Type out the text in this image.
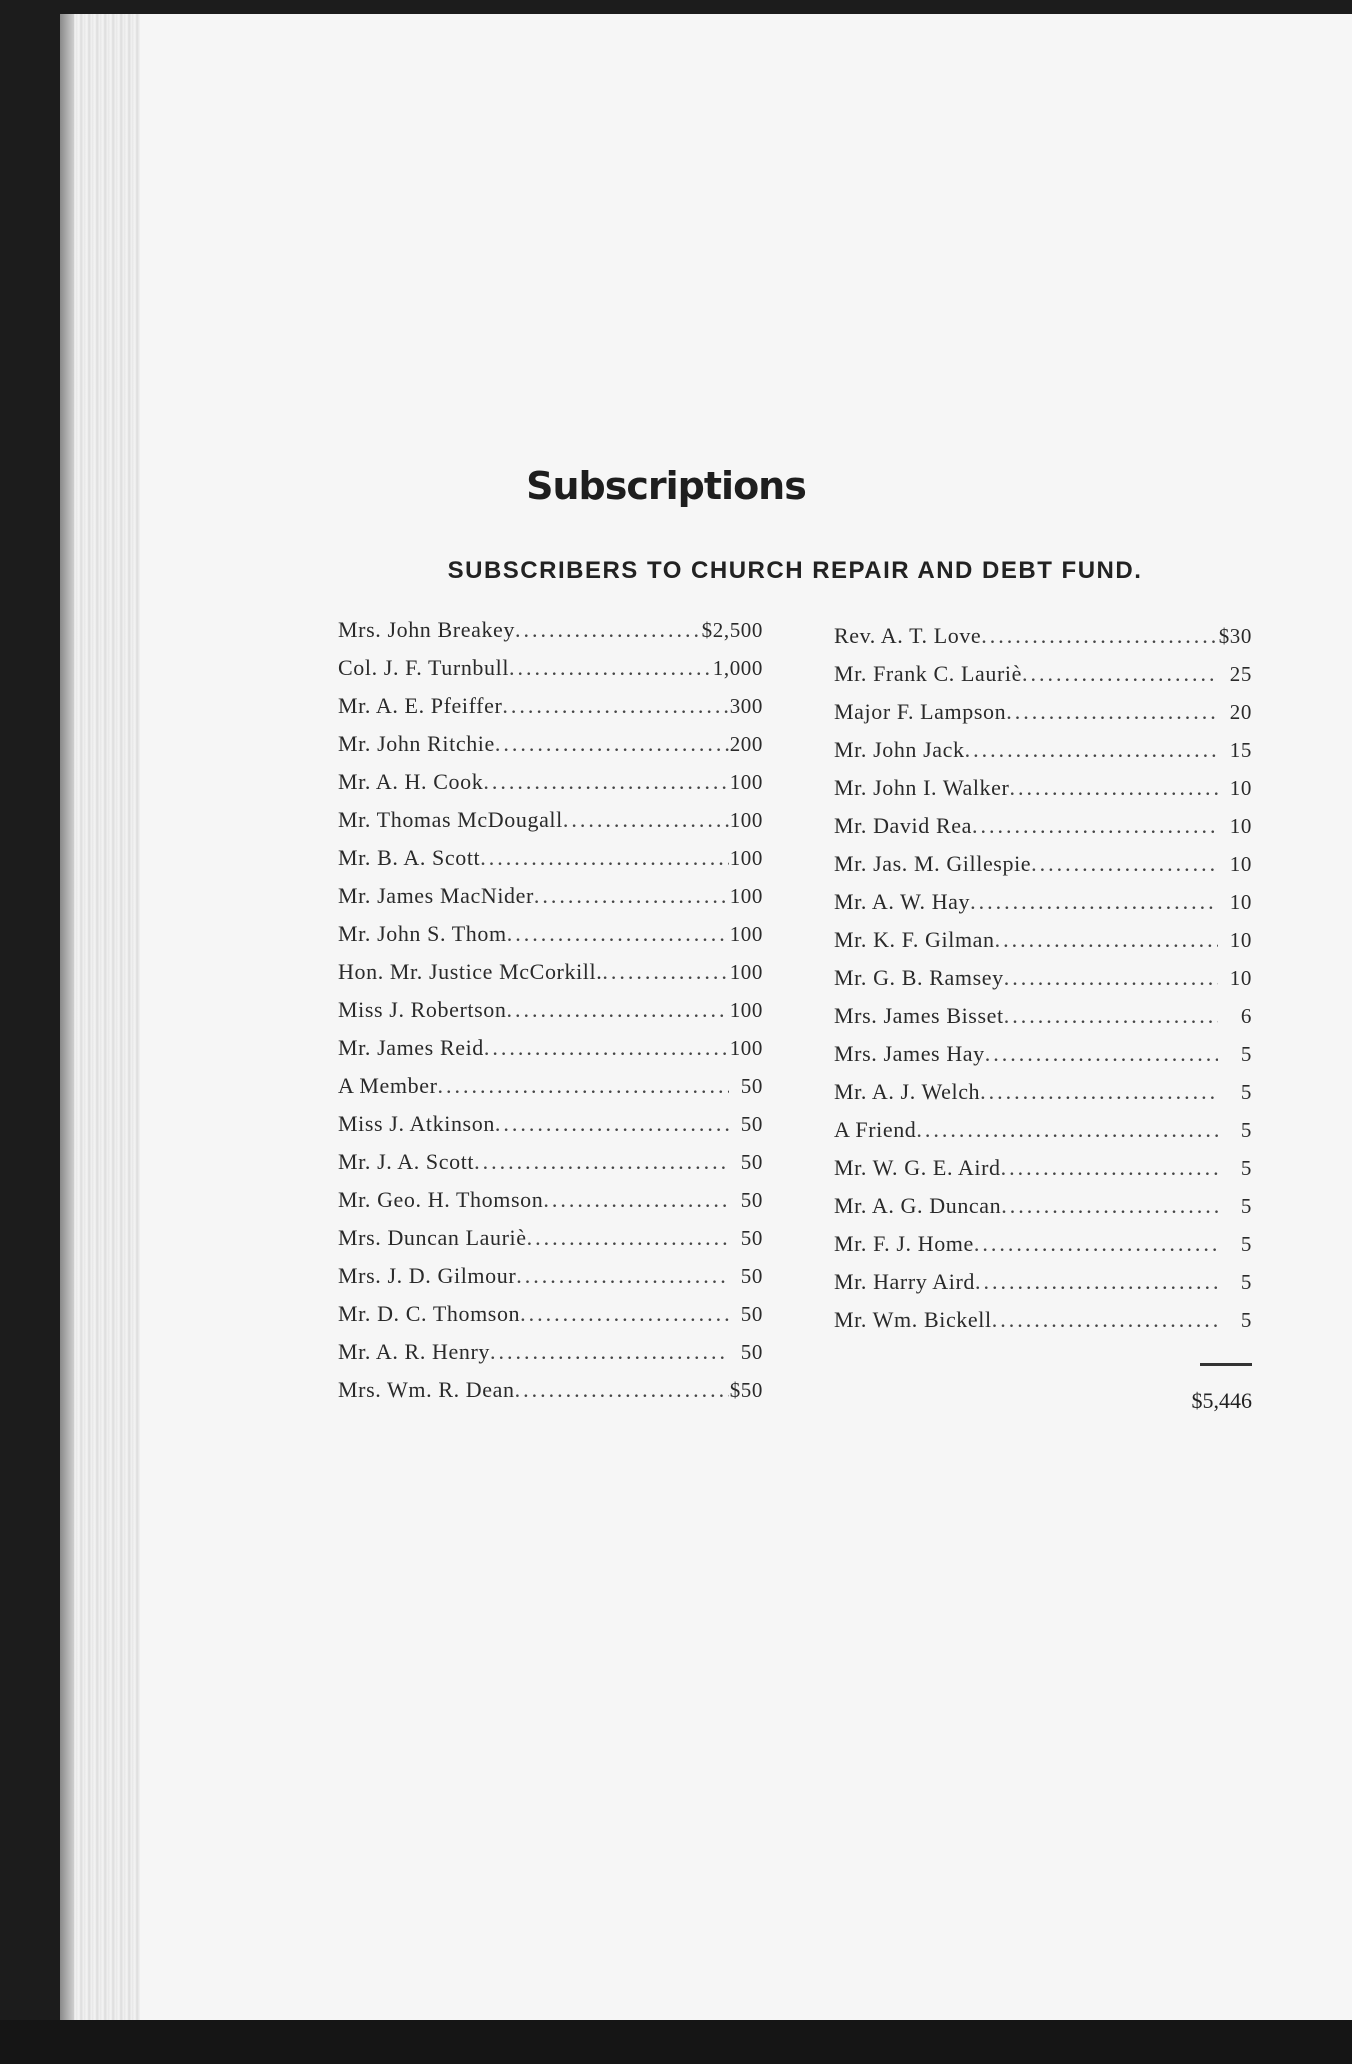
Subscriptions
SUBSCRIBERS TO CHURCH REPAIR AND DEBT FUND.
Mrs. John Breakey .....	$2,500
Col. J. F. Turnbull .....	1,000
Mr. A. E. Pfeiffer .....	300
Mr. John Ritchie .....	200
Mr. A. H. Cook .....	100
Mr. Thomas McDougall .....	100
Mr. B. A. Scott .....	100
Mr. James MacNider .....	100
Mr. John S. Thom .....	100
Hon. Mr. Justice McCorkill. .....	100
Miss J. Robertson .....	100
Mr. James Reid .....	100
A Member .....	50
Miss J. Atkinson .....	50
Mr. J. A. Scott .....	50
Mr. Geo. H. Thomson .....	50
Mrs. Duncan Lauriè .....	50
Mrs. J. D. Gilmour .....	50
Mr. D. C. Thomson .....	50
Mr. A. R. Henry .....	50
Mrs. Wm. R. Dean .....	$50
Rev. A. T. Love .....	$30
Mr. Frank C. Lauriè .....	25
Major F. Lampson .....	20
Mr. John Jack .....	15
Mr. John I. Walker .....	10
Mr. David Rea .....	10
Mr. Jas. M. Gillespie .....	10
Mr. A. W. Hay .....	10
Mr. K. F. Gilman .....	10
Mr. G. B. Ramsey .....	10
Mrs. James Bisset .....	6
Mrs. James Hay .....	5
Mr. A. J. Welch .....	5
A Friend .....	5
Mr. W. G. E. Aird .....	5
Mr. A. G. Duncan .....	5
Mr. F. J. Home .....	5
Mr. Harry Aird .....	5
Mr. Wm. Bickell .....	5
$5,446
